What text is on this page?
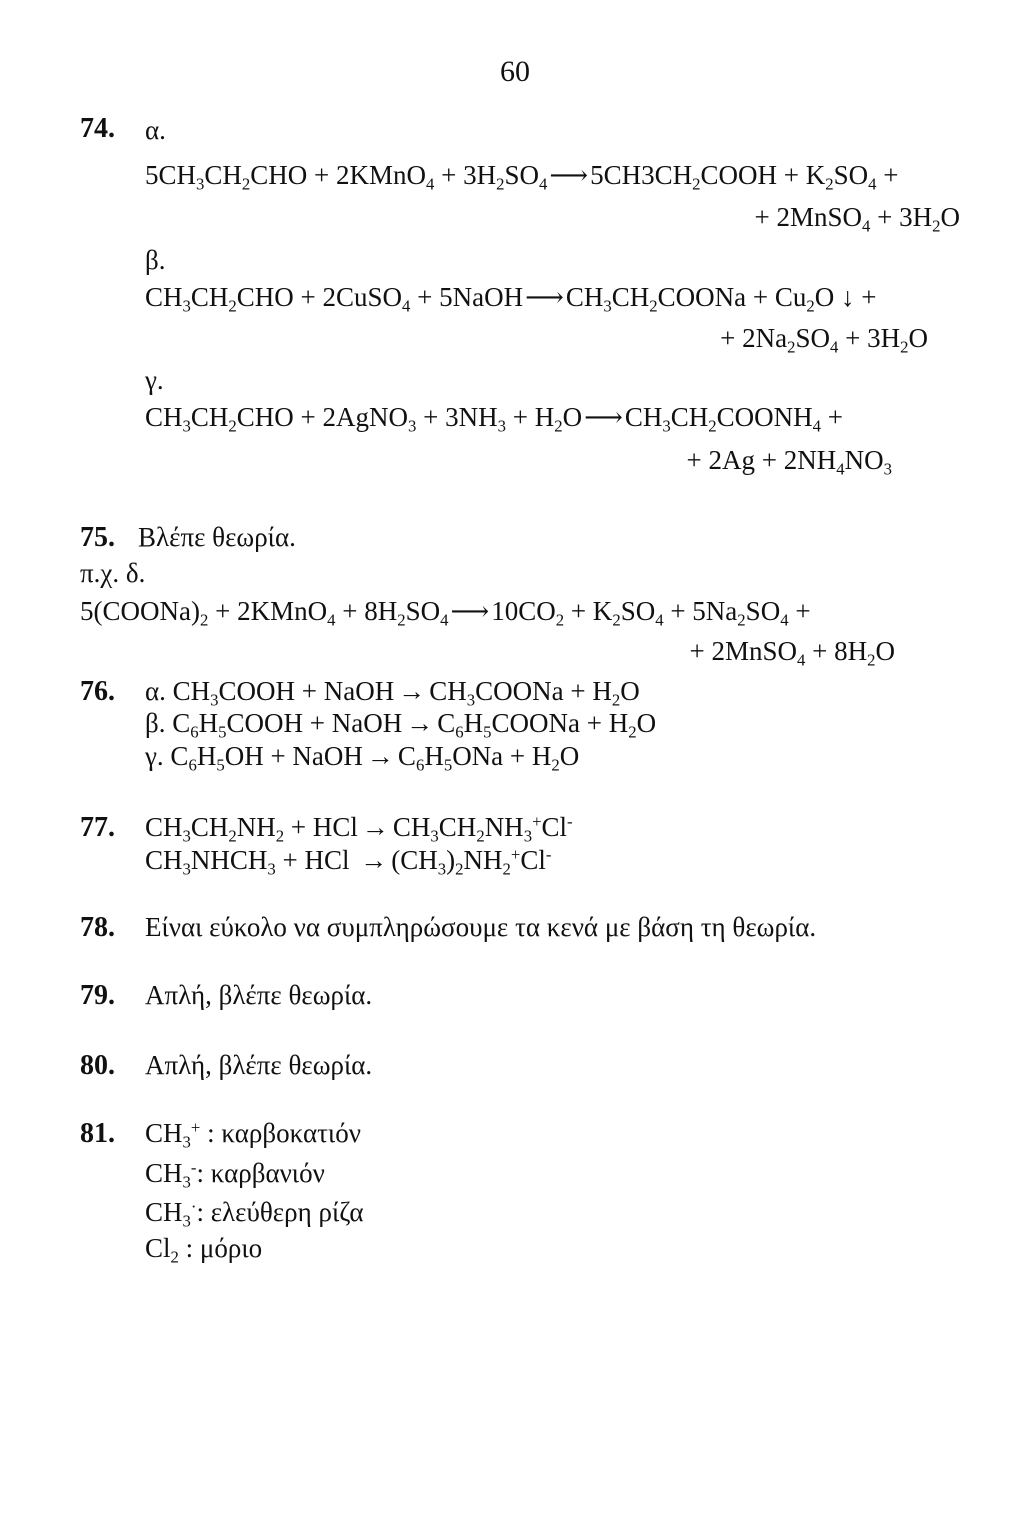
60
74. α.
$5CH_3CH_2CHO$ + 2KMnO$_4$ + $3H_2SO_4⟶5CH3CH_2COOH + K_2SO_4$ +
+ 2MnSO$_4$ + $3H_2O$
β.
$CH_3CH_2CHO$ + 2CuSO$_4$ + $5NaOH⟶CH_3CH_2COONa + Cu_2O$ ↓ +
+ $2Na_2SO_4 + 3H_2O$
γ.
$CH_3CH_2CHO$ + 2AgNO$_3$ + $3NH_3$ + $H_2O⟶CH_3CH_2COONH_4$ +
+ $2Ag + 2NH_4NO_3$
75. Βλέπε θεωρία.
π.χ. δ.
$5(COONa)_2$ + 2KMnO$_4$ + $8H_2SO_4⟶10CO_2 + K_2SO_4 + 5Na_2SO_4$ +
+ 2MnSO$_4$ + $8H_2O$
76. α. $CH_3COOH$ + NaOH → $CH_3COONa + H_2O$
β. $C_6H_5COOH$ + NaOH → $C_6H_5COONa + H_2O$
γ. $C_6H_5OH$ + NaOH → $C_6H_5ONa + H_2O$
77. $CH_3CH_2NH_2$ + HCl → $CH_3CH_2NH_3^+Cl^-$
$CH_3NHCH_3$ + HCl → $(CH_3)_2NH_2^+Cl^-$
78. Είναι εύκολο να συμπληρώσουμε τα κενά με βάση τη θεωρία.
79. Απλή, βλέπε θεωρία.
80. Απλή, βλέπε θεωρία.
81. $CH_3^+$ : καρβοκατιόν
$CH_3^-$: καρβανιόν
$CH_3^\cdot$: ελεύθερη ρίζα
$Cl_2$ : μόριο
